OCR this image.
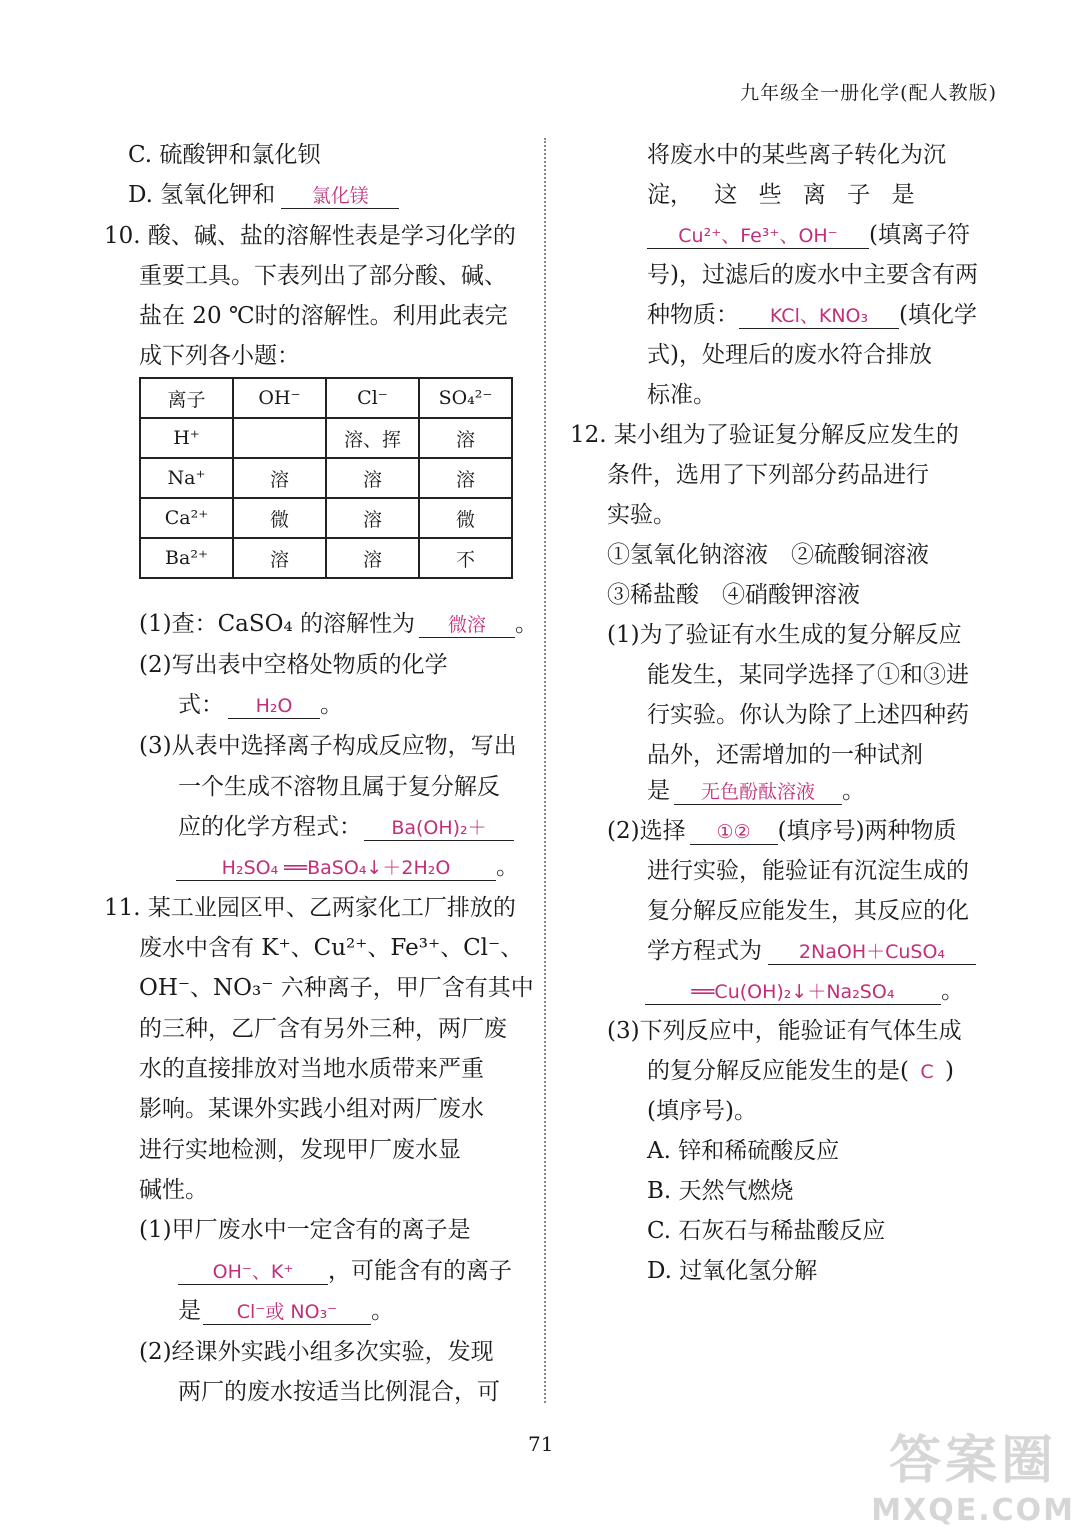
九年级全一册化学(配人教版)
C. 硫酸钾和氯化钡
D. 氢氧化钾和 氯化镁
10. 酸、碱、盐的溶解性表是学习化学的
重要工具。下表列出了部分酸、碱、
盐在 20 ℃时的溶解性。利用此表完
成下列各小题：
离子	OH⁻	Cl⁻	SO₄²⁻
H⁺		溶、挥	溶
Na⁺	溶	溶	溶
Ca²⁺	微	溶	微
Ba²⁺	溶	溶	不
(1)查：CaSO₄ 的溶解性为 微溶 。
(2)写出表中空格处物质的化学
式： H₂O 。
(3)从表中选择离子构成反应物，写出
一个生成不溶物且属于复分解反
应的化学方程式： Ba(OH)₂＋
H₂SO₄ ══BaSO₄↓＋2H₂O 。
11. 某工业园区甲、乙两家化工厂排放的
废水中含有 K⁺、Cu²⁺、Fe³⁺、Cl⁻、
OH⁻、NO₃⁻ 六种离子，甲厂含有其中
的三种，乙厂含有另外三种，两厂废
水的直接排放对当地水质带来严重
影响。某课外实践小组对两厂废水
进行实地检测，发现甲厂废水显
碱性。
(1)甲厂废水中一定含有的离子是
OH⁻、K⁺ ，可能含有的离子
是 Cl⁻或 NO₃⁻ 。
(2)经课外实践小组多次实验，发现
两厂的废水按适当比例混合，可
将废水中的某些离子转化为沉
淀， 这 些 离 子 是
Cu²⁺、Fe³⁺、OH⁻ (填离子符
号)，过滤后的废水中主要含有两
种物质： KCl、KNO₃ (填化学
式)，处理后的废水符合排放
标准。
12. 某小组为了验证复分解反应发生的
条件，选用了下列部分药品进行
实验。
①氢氧化钠溶液　②硫酸铜溶液
③稀盐酸　④硝酸钾溶液
(1)为了验证有水生成的复分解反应
能发生，某同学选择了①和③进
行实验。你认为除了上述四种药
品外，还需增加的一种试剂
是 无色酚酞溶液 。
(2)选择 ①② (填序号)两种物质
进行实验，能验证有沉淀生成的
复分解反应能发生，其反应的化
学方程式为 2NaOH＋CuSO₄
══Cu(OH)₂↓＋Na₂SO₄ 。
(3)下列反应中，能验证有气体生成
的复分解反应能发生的是( C )
(填序号)。
A. 锌和稀硫酸反应
B. 天然气燃烧
C. 石灰石与稀盐酸反应
D. 过氧化氢分解
71	答案圈
MXQE.COM
